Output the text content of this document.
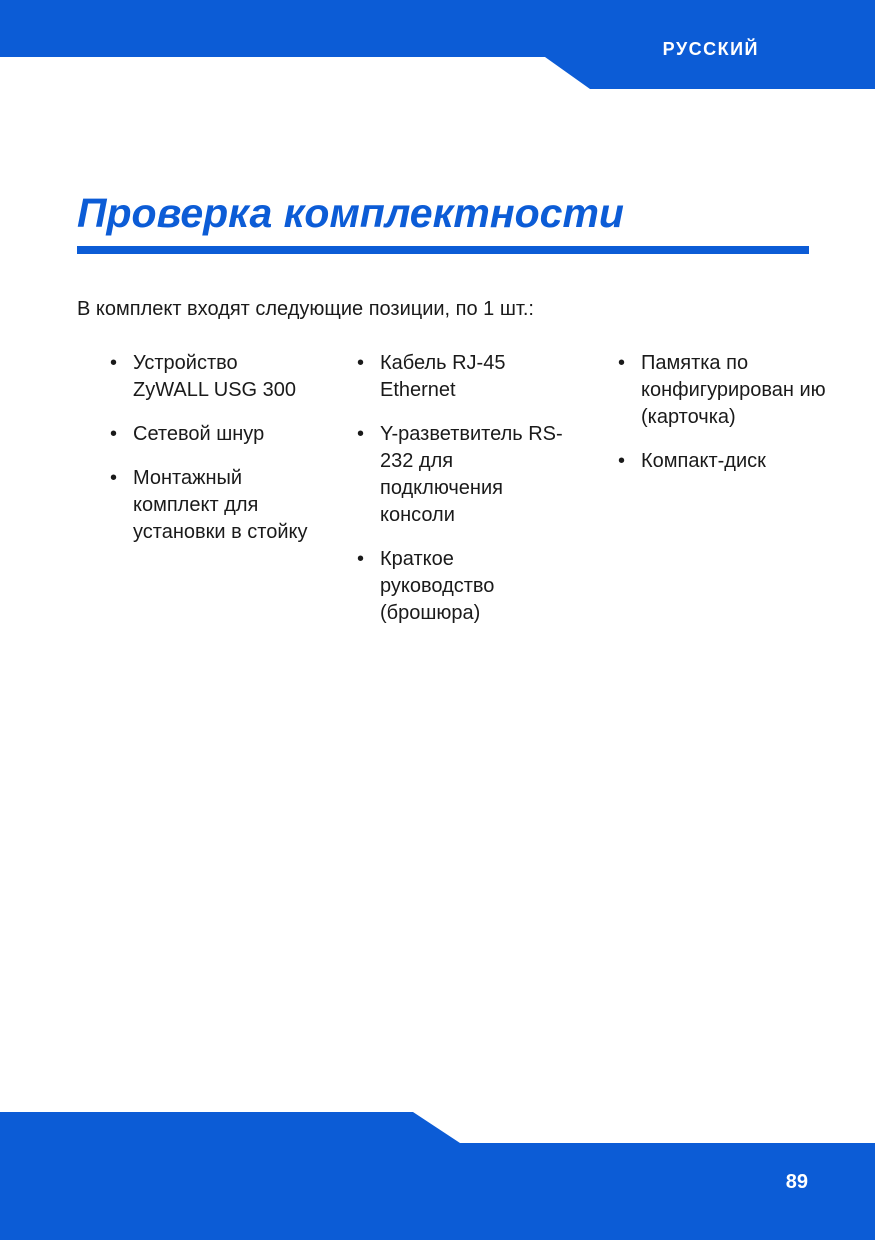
РУССКИЙ
Проверка комплектности

В комплект входят следующие позиции, по 1 шт.:

• Устройство ZyWALL USG 300
• Сетевой шнур
• Монтажный комплект для установки в стойку
• Кабель RJ-45 Ethernet
• Y-разветвитель RS-232 для подключения консоли
• Краткое руководство (брошюра)
• Памятка по конфигурирован ию (карточка)
• Компакт-диск
89
